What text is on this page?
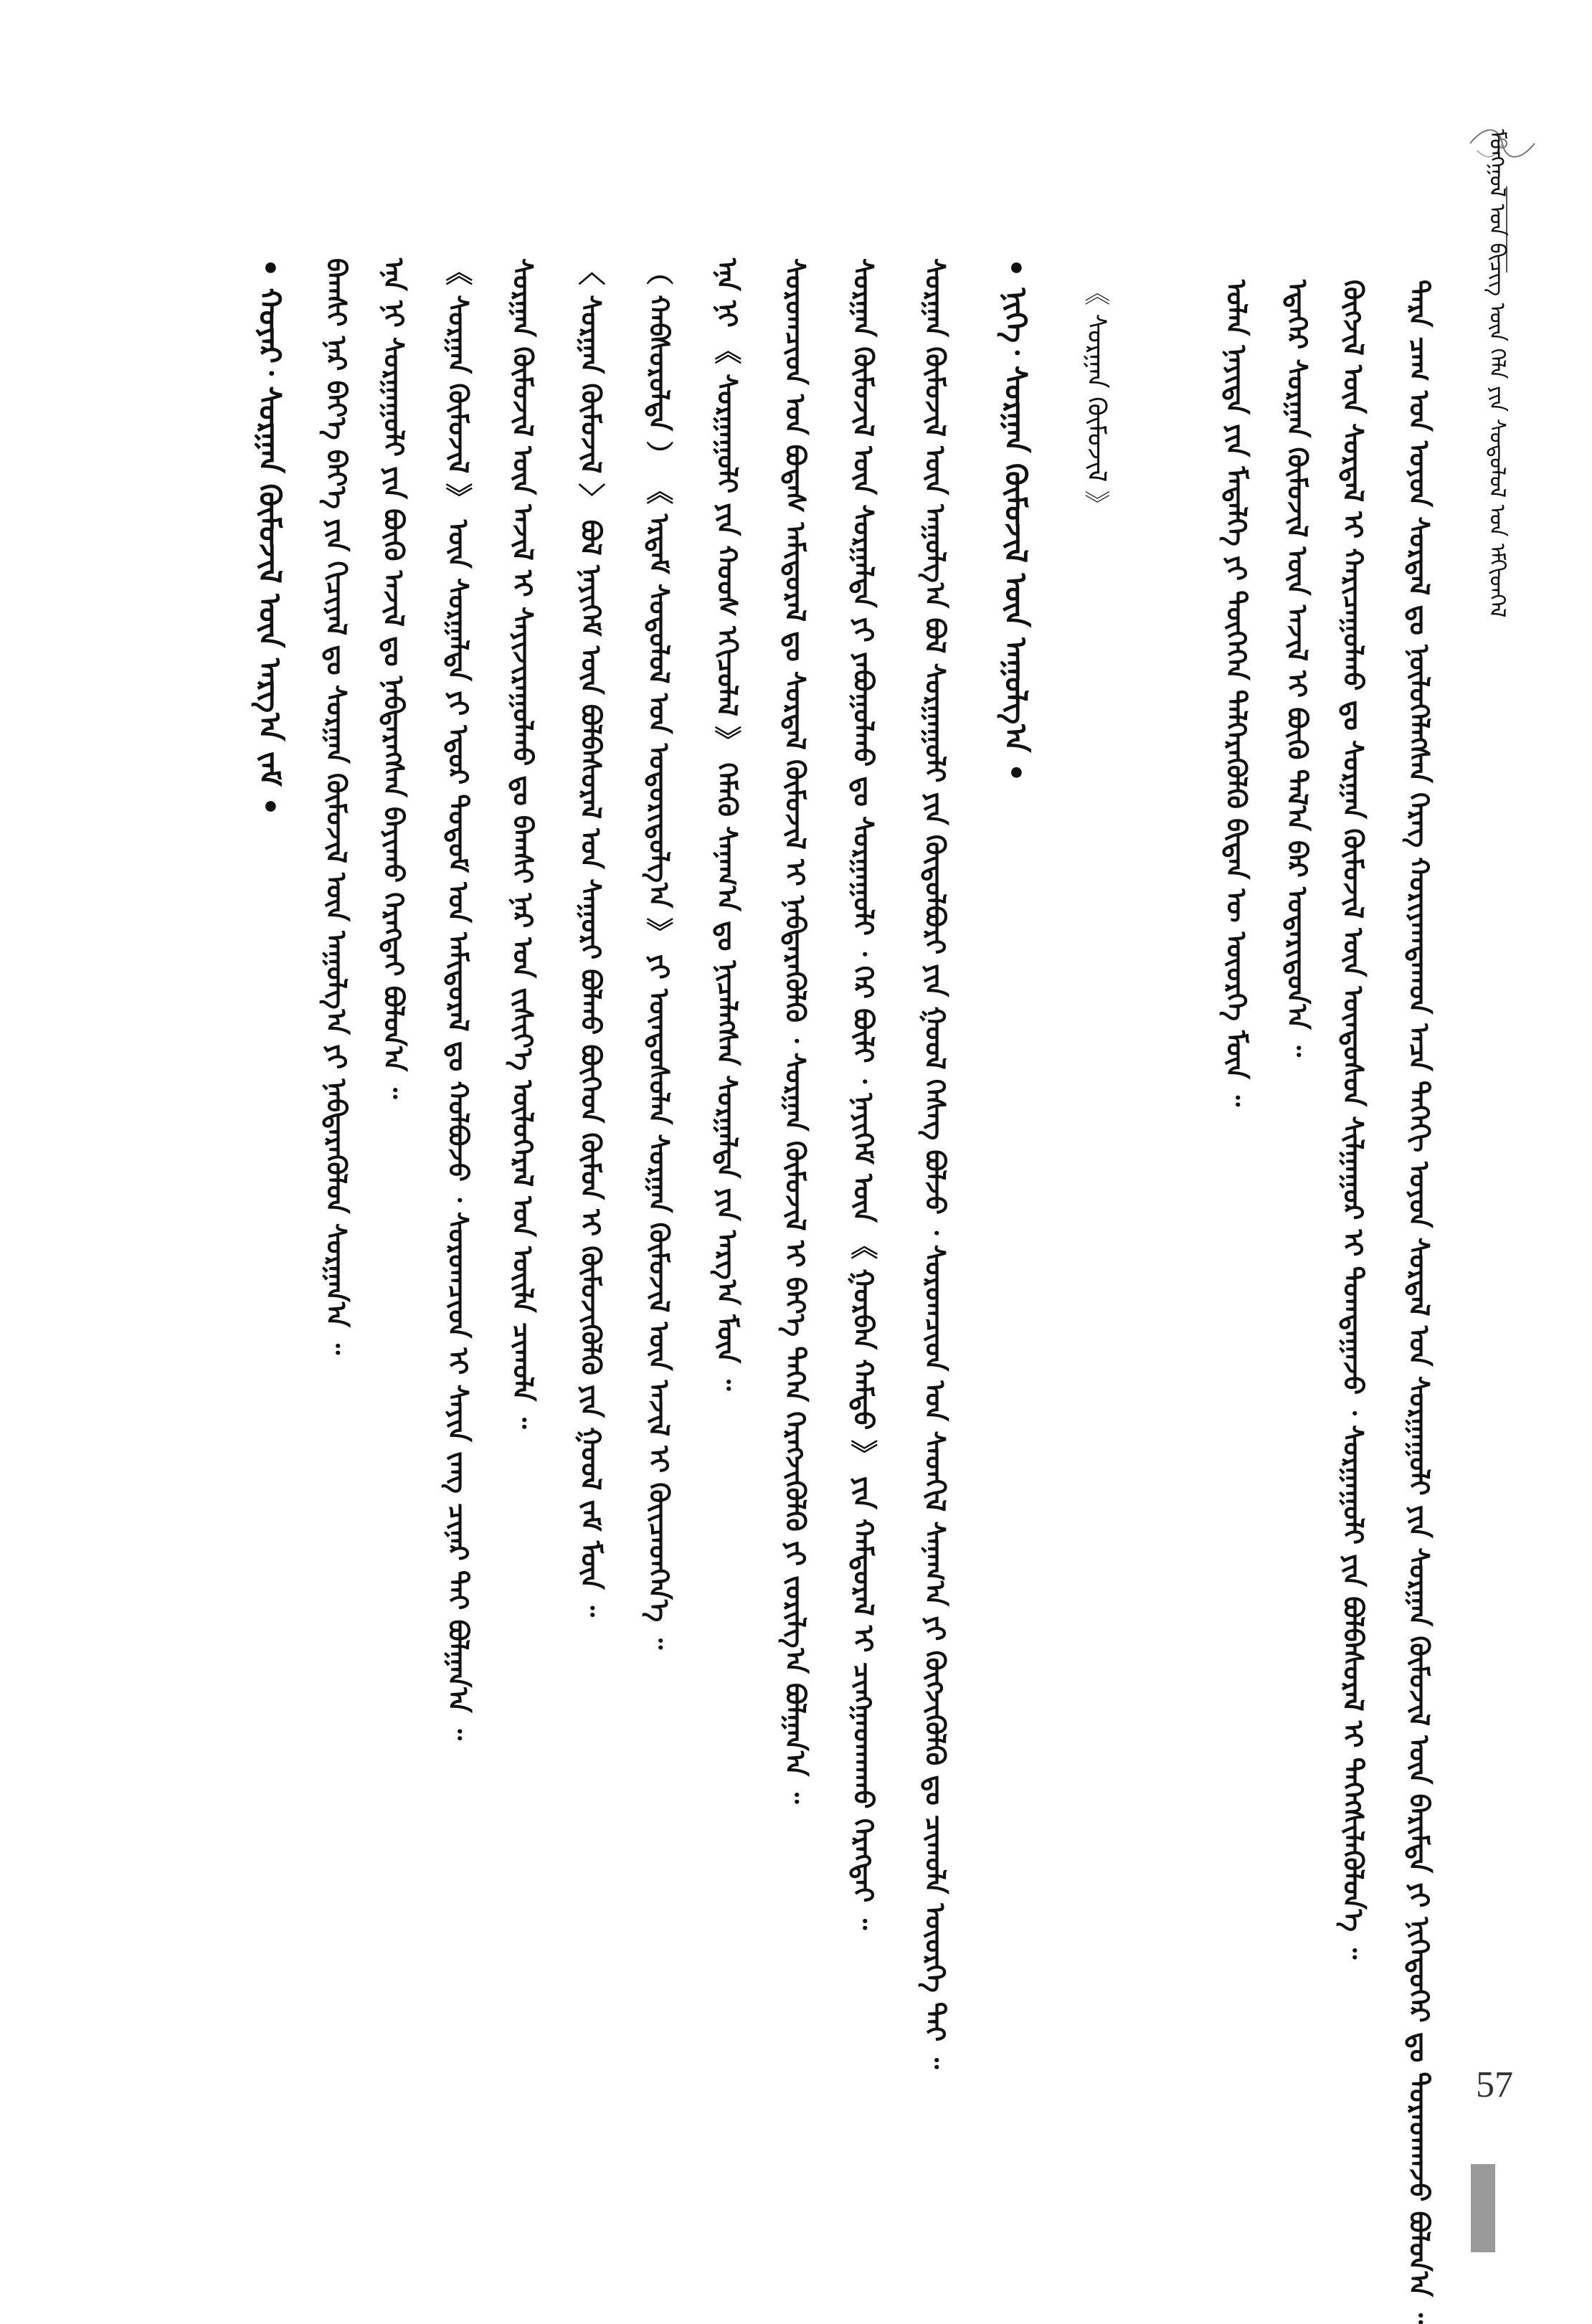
ᠮᠣᠩᠭᠣᠯ ᠤᠨ ᠪᠢᠴᠢᠭ ᠦᠨ ᠬᠡᠯᠡ ᠶᠢᠨ ᠰᠤᠳᠤᠯᠤᠯ ᠤᠨ ᠡᠮᠬᠢᠳᠬᠡᠯ
ᠲᠡᠷᠡ ᠴᠠᠭ ᠤᠨ ᠤᠶᠤᠨ ᠰᠤᠷᠲᠠᠯ ᠳᠤ ᠨᠥᠯᠦᠭᠡᠯᠡᠭᠰᠡᠨ ᠬᠡᠷᠡᠭ ᠬᠣᠷᠢᠶᠠᠭᠳᠠᠬᠤᠨ ᠠᠴᠠ ᠳᠡᠭᠡᠬᠢ ᠤᠶᠤᠨ ᠰᠤᠷᠲᠠᠯ ᠤᠨ ᠰᠤᠷᠭᠠᠭᠤᠯᠢ ᠶᠢᠨ ᠰᠤᠷᠭᠠᠨ ᠬᠦᠮᠦᠵᠢᠯ ᠦᠨ ᠪᠠᠷᠢᠮᠲᠠ ᠶᠢ ᠨᠢᠭᠡᠳᠦᠭᠡᠷ ᠳᠤ ᠳᠤᠷᠠᠳᠬᠠᠵᠤ ᠪᠣᠯᠤᠨ᠎ᠠ ᠃
ᠬᠥᠭᠵᠢᠯ ᠦᠨ ᠰᠤᠷᠲᠠᠯ ᠢ ᠬᠠᠷᠢᠴᠠᠭᠤᠯᠬᠤ ᠳᠤ ᠰᠤᠷᠭᠠᠨ ᠬᠦᠮᠦᠵᠢᠯ ᠦᠨ ᠦᠨᠳᠦᠰᠦᠨ ᠰᠢᠯᠭᠠᠭᠤᠷ ᠢ ᠲᠣᠭᠲᠠᠭᠠᠵᠤ ᠂ ᠰᠤᠷᠭᠠᠭᠤᠯᠢ ᠶᠢᠨ ᠪᠣᠯᠪᠠᠰᠤᠷᠠᠯ ᠢ ᠳᠡᠭᠡᠭᠰᠢᠯᠡᠭᠦᠯᠦᠨ᠎ᠡ ᠃
ᠡᠳᠡᠭᠡᠷ ᠰᠤᠷᠭᠠᠨ ᠬᠦᠮᠦᠵᠢᠯ ᠦᠨ ᠠᠵᠢᠯ ᠢ ᠪᠦᠬᠦ ᠲᠠᠯ᠎ᠠ ᠪᠠᠷ ᠤᠳᠠᠷᠢᠳᠤᠨ᠎ᠠ ᠃
ᠣᠯᠠᠨ ᠨᠡᠶᠢᠲᠡ ᠶᠢᠨ ᠮᠡᠳᠡᠯᠭᠡ ᠶᠢ ᠲᠦᠭᠡᠭᠡᠨ ᠳᠡᠯᠭᠡᠷᠡᠭᠦᠯᠬᠦ ᠪᠢᠳᠡᠨ ᠦ ᠦᠦᠷᠭᠡ ᠮᠥᠨ ᠃
《 ᠰᠤᠷᠭᠠᠨ ᠬᠦᠮᠦᠵᠢᠯ 》
• ᠨᠢᠭᠡ᠂ ᠰᠤᠷᠭᠠᠨ ᠬᠦᠮᠦᠵᠢᠯ ᠦᠨ ᠠᠭᠤᠯᠭ᠎ᠠ •
ᠰᠤᠷᠭᠠᠨ ᠬᠦᠮᠦᠵᠢᠯ ᠦᠨ ᠠᠭᠤᠯᠭ᠎ᠠ ᠪᠣᠯ ᠰᠤᠷᠭᠠᠭᠤᠯᠢ ᠶᠢᠨ ᠬᠥᠲᠦᠯᠪᠦᠷᠢ ᠶᠢᠨ ᠭᠣᠣᠯ ᠬᠡᠰᠡᠭ ᠪᠣᠯᠵᠤ ᠂ ᠰᠤᠷᠤᠭᠴᠢᠳ ᠤᠨ ᠰᠡᠳᠭᠢᠯ ᠰᠠᠨᠠᠭ᠎ᠠ ᠶᠢ ᠬᠥᠭᠵᠢᠭᠦᠯᠬᠦ ᠳᠤ ᠴᠢᠬᠤᠯᠠ ᠦᠦᠷᠭᠡ ᠲᠠᠢ ᠃
ᠰᠤᠷᠭᠠᠨ ᠬᠦᠮᠦᠵᠢᠯ ᠦᠨ ᠰᠤᠷᠭᠠᠯᠲᠠ ᠶᠢ ᠶᠠᠪᠤᠭᠤᠯᠬᠤ ᠳᠤ ᠰᠤᠷᠭᠠᠭᠤᠯᠢ ᠂ ᠭᠡᠷ ᠪᠦᠯᠢ ᠂ ᠨᠡᠶᠢᠭᠡᠮ ᠦᠨ 《 ᠭᠤᠷᠪᠠᠨ ᠬᠠᠮᠲᠤ 》 ᠶᠢᠨ ᠬᠠᠮᠲᠤᠷᠠᠯ ᠢ ᠴᠢᠩᠭᠠᠳᠬᠠᠬᠤ ᠬᠡᠷᠡᠭᠲᠡᠢ ᠃
ᠰᠤᠷᠤᠭᠴᠢᠳ ᠤᠨ ᠪᠣᠳᠠᠰ ᠠᠮᠢᠳᠤᠷᠠᠯ ᠳᠤ ᠰᠤᠷᠲᠠᠯ ᠬᠦᠮᠦᠵᠢᠯ ᠢ ᠨᠡᠪᠲᠡᠷᠡᠭᠦᠯᠬᠦ ᠂ ᠰᠤᠷᠭᠠᠨ ᠬᠥᠮᠦᠵᠢᠯ ᠢ ᠪᠡᠶ᠎ᠡ ᠳᠡᠭᠡᠨ ᠬᠡᠷᠡᠭᠵᠢᠭᠦᠯᠬᠦ ᠶᠢ ᠵᠣᠷᠢᠯᠭ᠎ᠠ ᠪᠣᠯᠭᠠᠨ᠎ᠠ ᠃
ᠡᠨᠡ ᠨᠢ 《 ᠰᠤᠷᠭᠠᠭᠤᠯᠢ ᠶᠢᠨ ᠬᠣᠣᠰ ᠡᠬᠢᠴᠦᠯᠡᠯ 》 ᠬᠡᠮᠡᠬᠦ ᠰᠠᠨᠠᠭ᠎ᠠ ᠳᠤ ᠨᠢᠴᠡᠯᠡᠭᠰᠡᠨ ᠰᠤᠷᠭᠠᠯᠲᠠ ᠶᠢᠨ ᠠᠷᠭ᠎ᠠ ᠮᠥᠨ ᠃
（ ᠬᠠᠪᠰᠤᠷᠤᠯᠲᠠ ） 《 ᠡᠷᠳᠡᠮ ᠰᠤᠳᠤᠯᠤᠯ ᠤᠨ ᠤᠳᠤᠷᠢᠳᠤᠯᠭ᠎ᠠ 》 ᠶᠢ ᠦᠨᠳᠦᠰᠦᠯᠡᠨ ᠰᠤᠷᠭᠠᠨ ᠬᠦᠮᠦᠵᠢᠯ ᠦᠨ ᠠᠵᠢᠯ ᠢ ᠭᠦᠢᠴᠡᠳᠬᠡᠨ᠎ᠡ ᠃
〈 ᠰᠤᠷᠭᠠᠨ ᠬᠦᠮᠦᠵᠢᠯ 〉 ᠪᠣᠯ ᠨᠡᠶᠢᠭᠡᠮ ᠦᠨ ᠪᠣᠯᠪᠠᠰᠤᠷᠠᠯ ᠤᠨ ᠰᠠᠭᠤᠷᠢ ᠪᠣᠯᠬᠤ ᠪᠥᠭᠡᠳ ᠬᠦᠮᠦᠨ ᠢ ᠬᠥᠮᠦᠵᠢᠭᠦᠯᠬᠦ ᠶᠢᠨ ᠭᠣᠣᠯ ᠵᠠᠮ ᠮᠥᠨ ᠃
ᠰᠤᠷᠭᠠᠨ ᠬᠦᠮᠦᠵᠢᠯ ᠦᠨ ᠠᠵᠢᠯ ᠢ ᠰᠠᠶᠢᠵᠢᠷᠠᠭᠤᠯᠬᠤ ᠳᠤ ᠪᠠᠭᠰᠢ ᠨᠠᠷ ᠤᠨ ᠵᠢᠱᠢᠶ᠎ᠡ ᠦᠯᠦᠭᠡᠷᠡᠯ ᠤᠨ ᠦᠢᠯᠡ ᠴᠢᠬᠤᠯᠠ ᠃
《 ᠰᠤᠷᠭᠠᠨ ᠬᠦᠮᠦᠵᠢᠯ 》 ᠦᠨ ᠰᠤᠷᠭᠠᠯᠲᠠ ᠶᠢ ᠡᠳᠦᠷ ᠲᠤᠲᠤᠮ ᠤᠨ ᠠᠮᠢᠳᠤᠷᠠᠯ ᠳᠤ ᠬᠣᠯᠪᠣᠵᠤ ᠂ ᠰᠤᠷᠤᠭᠴᠢᠳ ᠢ ᠰᠠᠶᠢᠨ ᠵᠠᠩ ᠴᠢᠨᠠᠷ ᠲᠠᠢ ᠪᠣᠯᠭᠠᠨ᠎ᠠ ᠃
ᠡᠨᠡ ᠨᠢ ᠰᠤᠷᠭᠠᠭᠤᠯᠢ ᠶᠢᠨ ᠪᠦᠬᠦ ᠠᠵᠢᠯ ᠳᠤ ᠨᠡᠪᠲᠡᠷᠡᠭᠰᠡᠨ ᠪᠠᠶᠢᠬᠤ ᠬᠡᠷᠡᠭᠲᠡᠢ ᠪᠣᠯᠤᠨ᠎ᠠ ᠃
ᠪᠠᠭᠰᠢ ᠨᠠᠷ ᠪᠡᠶ᠎ᠡ ᠪᠡᠶ᠎ᠡ ᠶᠢᠨ ᠬᠢᠴᠢᠶᠡᠯ ᠳᠤ ᠰᠤᠷᠭᠠᠨ ᠬᠦᠮᠦᠵᠢᠯ ᠦᠨ ᠠᠭᠤᠯᠭ᠎ᠠ ᠶᠢ ᠨᠡᠪᠲᠡᠷᠡᠭᠦᠯᠦᠨ ᠰᠤᠷᠭᠠᠨ᠎ᠠ ᠃
• ᠬᠣᠶᠠᠷ᠂ ᠰᠤᠷᠭᠠᠨ ᠬᠦᠮᠦᠵᠢᠯ ᠦᠨ ᠠᠷᠭ᠎ᠠ ᠵᠠᠮ •
57
